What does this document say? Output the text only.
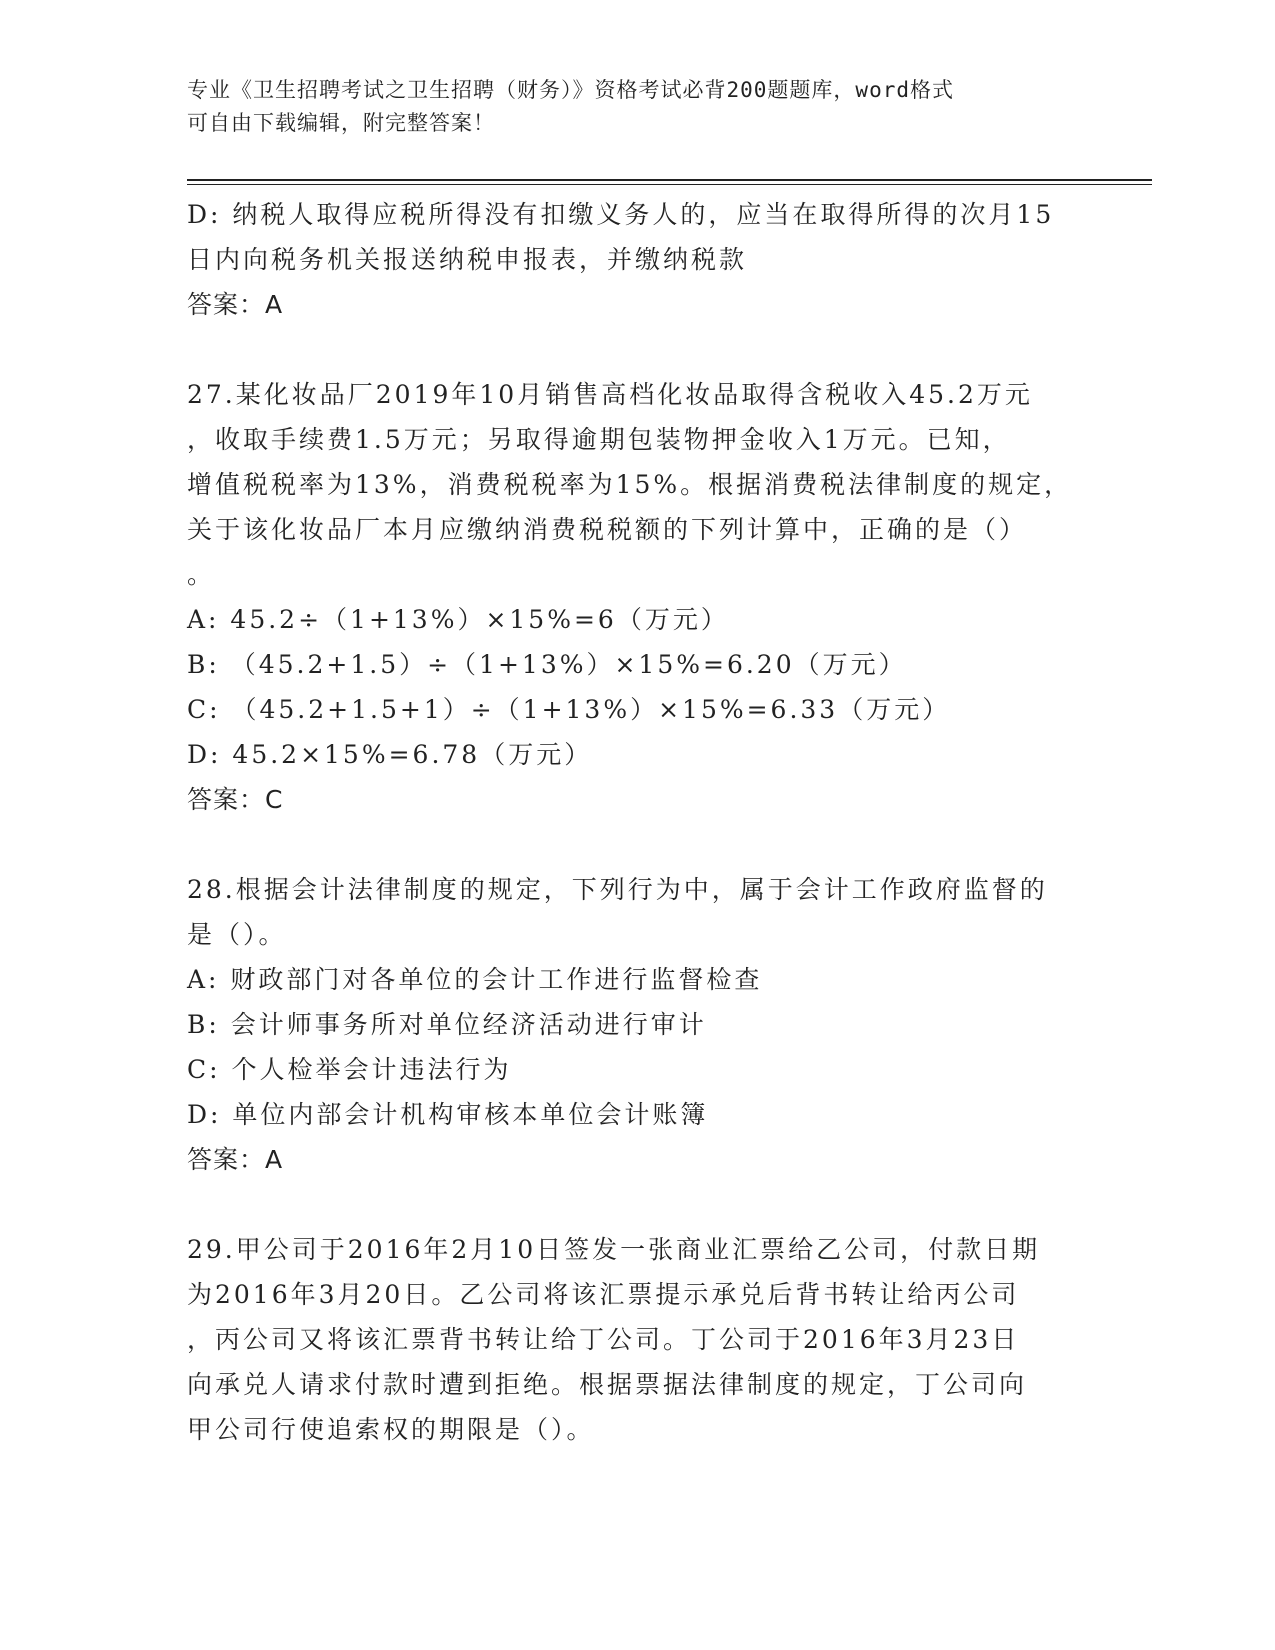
专业《卫生招聘考试之卫生招聘（财务）》资格考试必背200题题库，word格式
可自由下载编辑，附完整答案！
D: 纳税人取得应税所得没有扣缴义务人的，应当在取得所得的次月15
日内向税务机关报送纳税申报表，并缴纳税款
答案：A
27.某化妆品厂2019年10月销售高档化妆品取得含税收入45.2万元
，收取手续费1.5万元；另取得逾期包装物押金收入1万元。已知，
增值税税率为13%，消费税税率为15%。根据消费税法律制度的规定，
关于该化妆品厂本月应缴纳消费税税额的下列计算中，正确的是（）
。
A: 45.2÷（1+13%）×15%=6（万元）
B: （45.2+1.5）÷（1+13%）×15%=6.20（万元）
C: （45.2+1.5+1）÷（1+13%）×15%=6.33（万元）
D: 45.2×15%=6.78（万元）
答案：C
28.根据会计法律制度的规定，下列行为中，属于会计工作政府监督的
是（）。
A: 财政部门对各单位的会计工作进行监督检查
B: 会计师事务所对单位经济活动进行审计
C: 个人检举会计违法行为
D: 单位内部会计机构审核本单位会计账簿
答案：A
29.甲公司于2016年2月10日签发一张商业汇票给乙公司，付款日期
为2016年3月20日。乙公司将该汇票提示承兑后背书转让给丙公司
，丙公司又将该汇票背书转让给丁公司。丁公司于2016年3月23日
向承兑人请求付款时遭到拒绝。根据票据法律制度的规定，丁公司向
甲公司行使追索权的期限是（）。
